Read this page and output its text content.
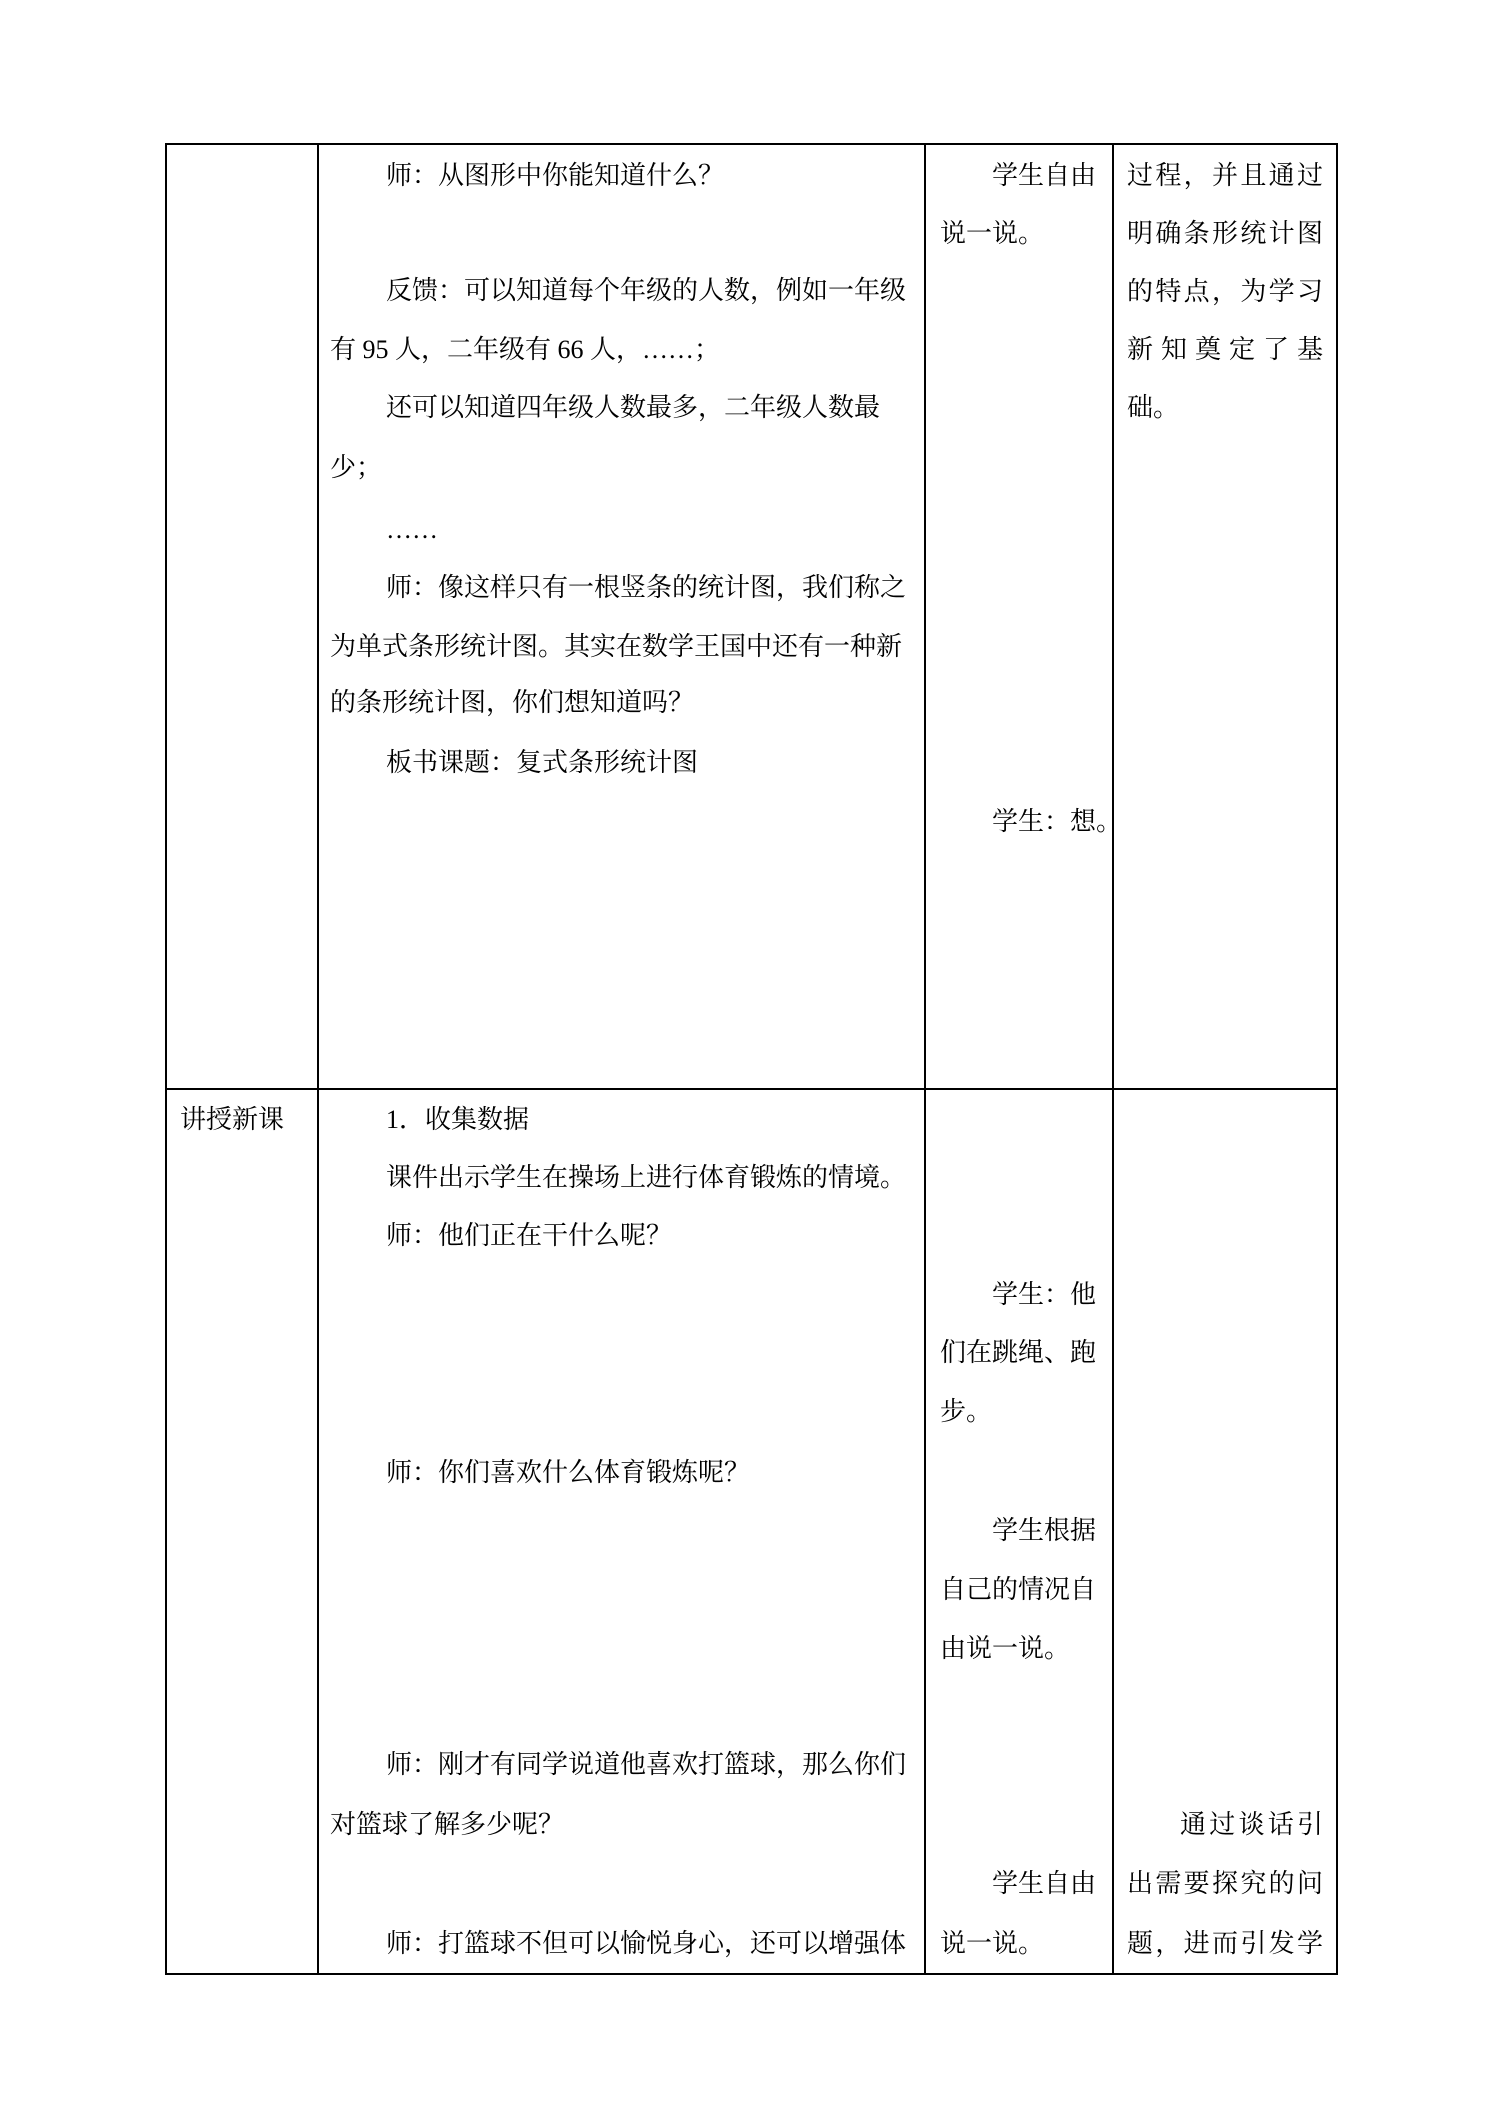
师：从图形中你能知道什么？
反馈：可以知道每个年级的人数，例如一年级
有 95 人，二年级有 66 人，……；
还可以知道四年级人数最多，二年级人数最
少；
……
师：像这样只有一根竖条的统计图，我们称之
为单式条形统计图。其实在数学王国中还有一种新
的条形统计图，你们想知道吗？
板书课题：复式条形统计图
学生自由
说一说。
学生：想。
过程，并且通过
明确条形统计图
的特点，为学习
新知奠定了基
础。
讲授新课	1．收集数据
课件出示学生在操场上进行体育锻炼的情境。
师：他们正在干什么呢？
师：你们喜欢什么体育锻炼呢？
师：刚才有同学说道他喜欢打篮球，那么你们
对篮球了解多少呢？
师：打篮球不但可以愉悦身心，还可以增强体
学生：他
们在跳绳、跑
步。
学生根据
自己的情况自
由说一说。
学生自由
说一说。
通过谈话引
出需要探究的问
题，进而引发学
